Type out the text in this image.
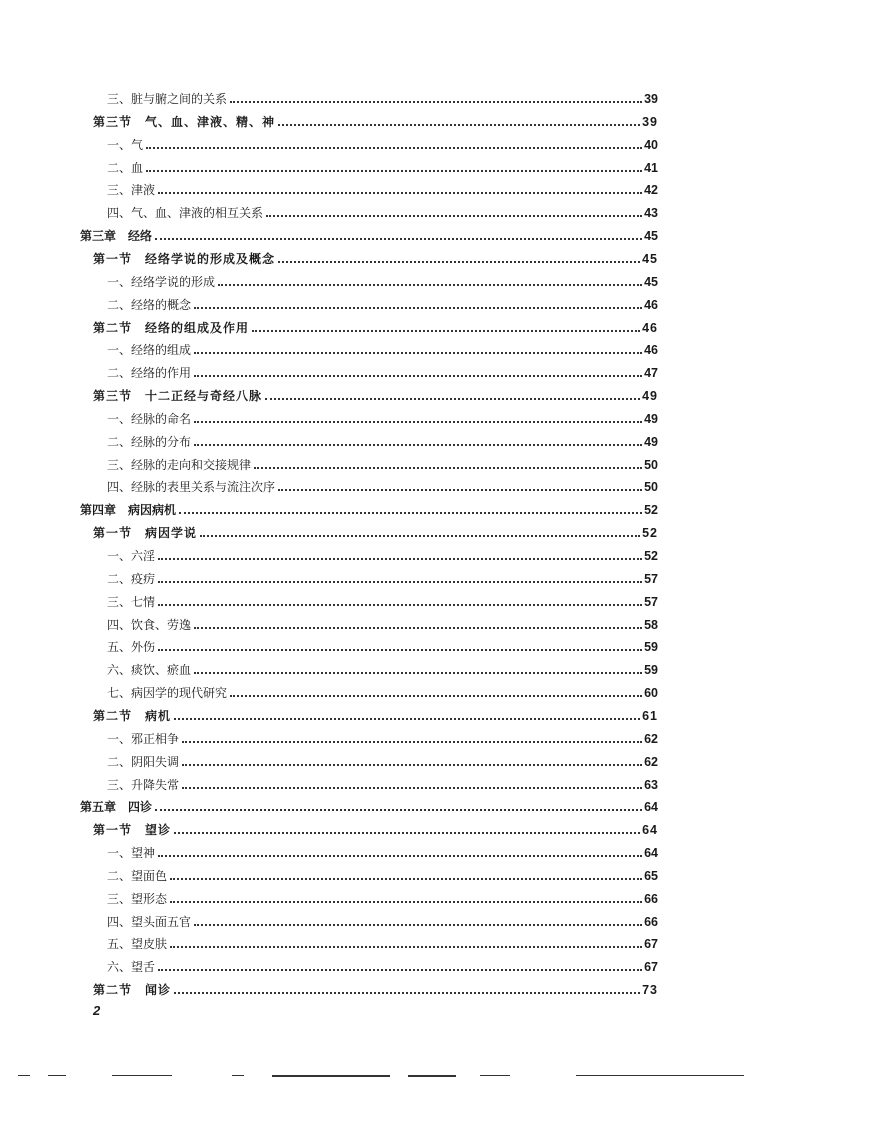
三、脏与腑之间的关系	39
第三节　气、血、津液、精、神	39
一、气	40
二、血	41
三、津液	42
四、气、血、津液的相互关系	43
第三章　经络	45
第一节　经络学说的形成及概念	45
一、经络学说的形成	45
二、经络的概念	46
第二节　经络的组成及作用	46
一、经络的组成	46
二、经络的作用	47
第三节　十二正经与奇经八脉	49
一、经脉的命名	49
二、经脉的分布	49
三、经脉的走向和交接规律	50
四、经脉的表里关系与流注次序	50
第四章　病因病机	52
第一节　病因学说	52
一、六淫	52
二、疫疠	57
三、七情	57
四、饮食、劳逸	58
五、外伤	59
六、痰饮、瘀血	59
七、病因学的现代研究	60
第二节　病机	61
一、邪正相争	62
二、阴阳失调	62
三、升降失常	63
第五章　四诊	64
第一节　望诊	64
一、望神	64
二、望面色	65
三、望形态	66
四、望头面五官	66
五、望皮肤	67
六、望舌	67
第二节　闻诊	73
2
